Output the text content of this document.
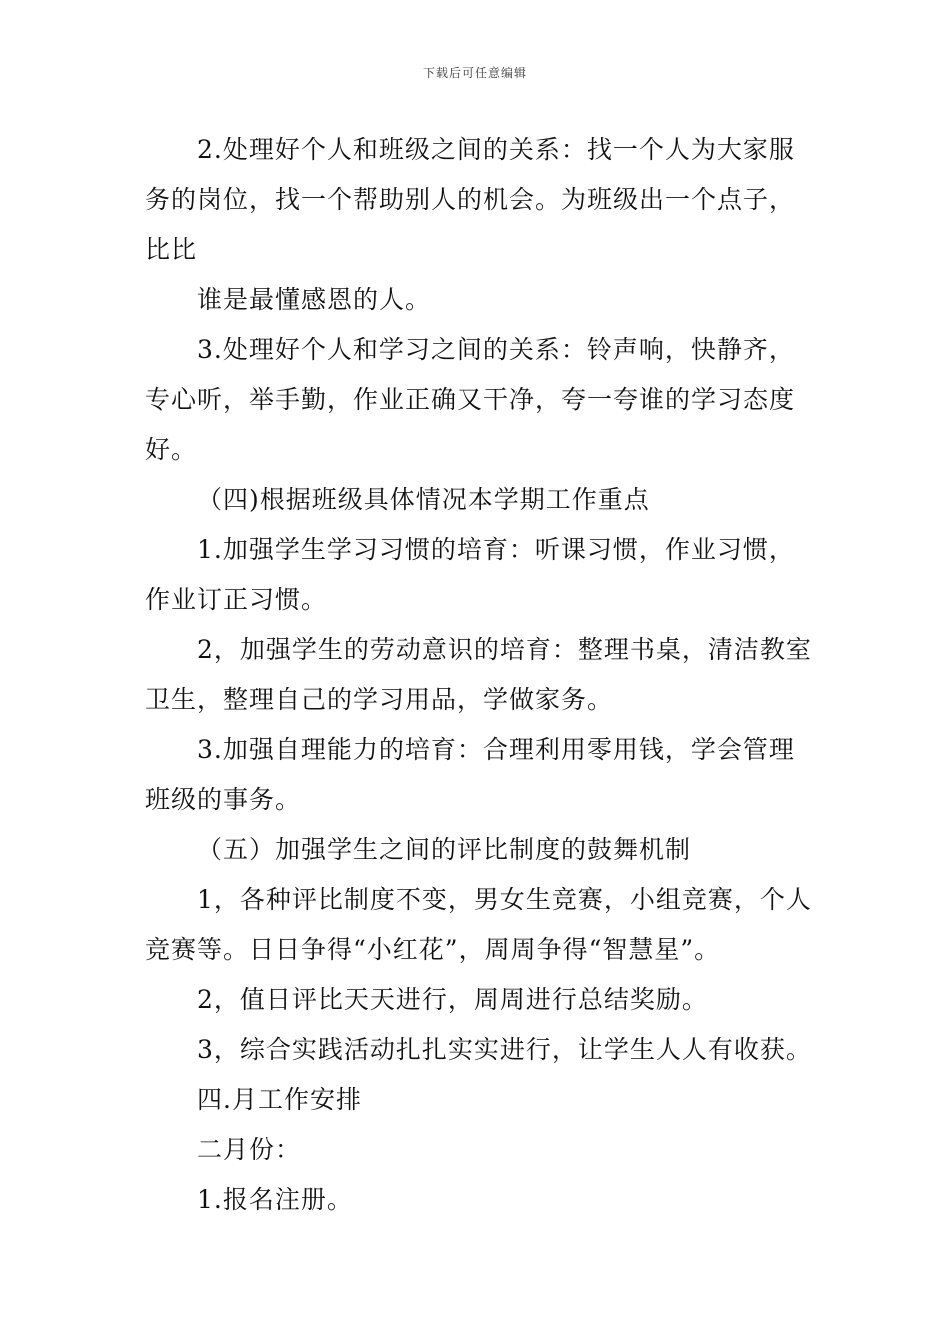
下载后可任意编辑
2.处理好个人和班级之间的关系：找一个人为大家服
务的岗位，找一个帮助别人的机会。为班级出一个点子，
比比
谁是最懂感恩的人。
3.处理好个人和学习之间的关系：铃声响，快静齐，
专心听，举手勤，作业正确又干净，夸一夸谁的学习态度
好。
（四)根据班级具体情况本学期工作重点
1.加强学生学习习惯的培育：听课习惯，作业习惯，
作业订正习惯。
2，加强学生的劳动意识的培育：整理书桌，清洁教室
卫生，整理自己的学习用品，学做家务。
3.加强自理能力的培育：合理利用零用钱，学会管理
班级的事务。
（五）加强学生之间的评比制度的鼓舞机制
1，各种评比制度不变，男女生竞赛，小组竞赛，个人
竞赛等。日日争得“小红花”，周周争得“智慧星”。
2，值日评比天天进行，周周进行总结奖励。
3，综合实践活动扎扎实实进行，让学生人人有收获。
四.月工作安排
二月份：
1.报名注册。
